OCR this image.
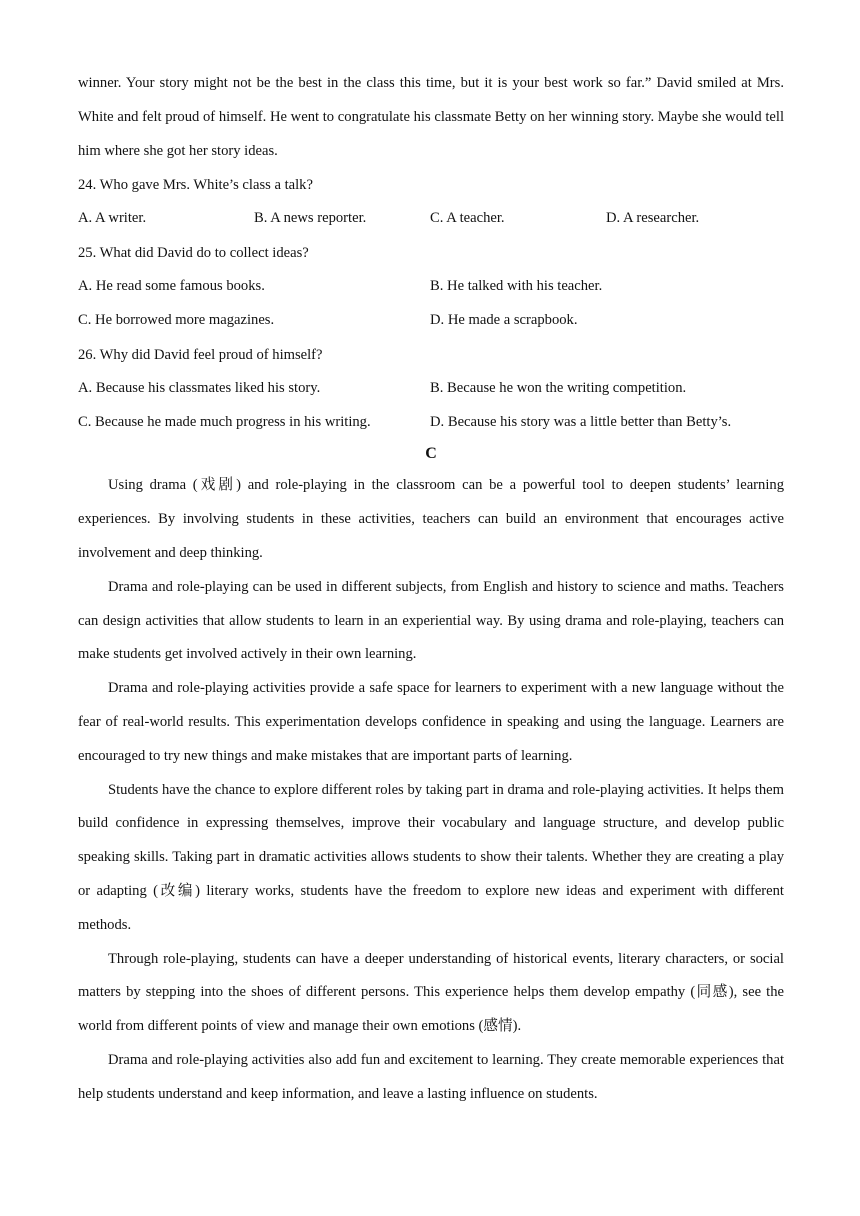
winner. Your story might not be the best in the class this time, but it is your best work so far.” David smiled at Mrs. White and felt proud of himself. He went to congratulate his classmate Betty on her winning story. Maybe she would tell him where she got her story ideas.

24. Who gave Mrs. White’s class a talk?

A. A writer.	B. A news reporter.	C. A teacher.	D. A researcher.

25. What did David do to collect ideas?

A. He read some famous books.	B. He talked with his teacher.
C. He borrowed more magazines.	D. He made a scrapbook.

26. Why did David feel proud of himself?

A. Because his classmates liked his story.	B. Because he won the writing competition.
C. Because he made much progress in his writing.	D. Because his story was a little better than Betty’s.

C

Using drama (戏剧) and role-playing in the classroom can be a powerful tool to deepen students’ learning experiences. By involving students in these activities, teachers can build an environment that encourages active involvement and deep thinking.

Drama and role-playing can be used in different subjects, from English and history to science and maths. Teachers can design activities that allow students to learn in an experiential way. By using drama and role-playing, teachers can make students get involved actively in their own learning.

Drama and role-playing activities provide a safe space for learners to experiment with a new language without the fear of real-world results. This experimentation develops confidence in speaking and using the language. Learners are encouraged to try new things and make mistakes that are important parts of learning.

Students have the chance to explore different roles by taking part in drama and role-playing activities. It helps them build confidence in expressing themselves, improve their vocabulary and language structure, and develop public speaking skills. Taking part in dramatic activities allows students to show their talents. Whether they are creating a play or adapting (改编) literary works, students have the freedom to explore new ideas and experiment with different methods.

Through role-playing, students can have a deeper understanding of historical events, literary characters, or social matters by stepping into the shoes of different persons. This experience helps them develop empathy (同感), see the world from different points of view and manage their own emotions (感情).

Drama and role-playing activities also add fun and excitement to learning. They create memorable experiences that help students understand and keep information, and leave a lasting influence on students.
